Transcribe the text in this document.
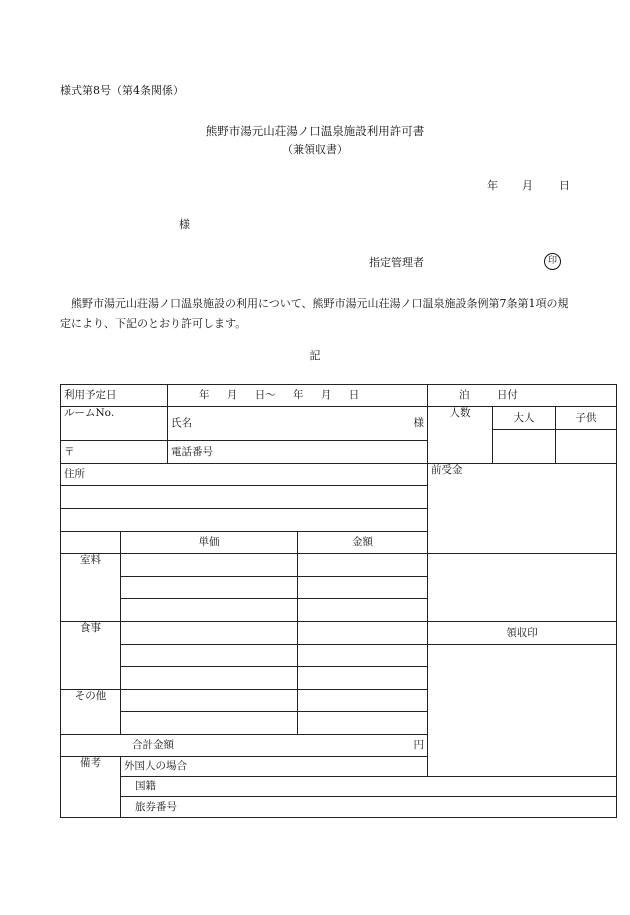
様式第8号（第4条関係）
熊野市湯元山荘湯ノ口温泉施設利用許可書
（兼領収書）
年 月 日
様
指定管理者	印
熊野市湯元山荘湯ノ口温泉施設の利用について、熊野市湯元山荘湯ノ口温泉施設条例第7条第1項の規定により、下記のとおり許可します。
記
利用予定日		年 月 日～ 年 月 日		泊 日付		
ルームNo.		氏名 様		人数	大人	子供

〒		電話番号				
住所				前受金		

	単価		金額			
室料						

食事				領収印		

その他						

合計金額 円						

備考	外国人の場合					
	国籍					
	旅券番号					
